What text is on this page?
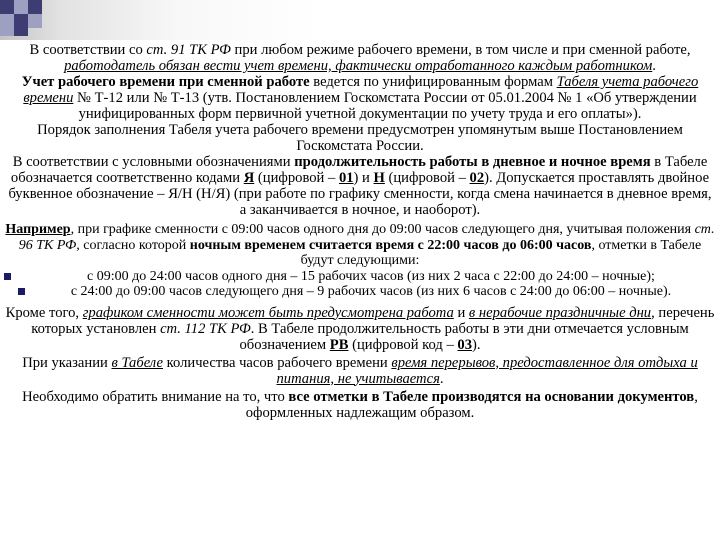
В соответствии со ст. 91 ТК РФ при любом режиме рабочего времени, в том числе и при сменной работе, работодатель обязан вести учет времени, фактически отработанного каждым работником.

Учет рабочего времени при сменной работе ведется по унифицированным формам Табеля учета рабочего времени № Т-12 или № Т-13 (утв. Постановлением Госкомстата России от 05.01.2004 № 1 «Об утверждении унифицированных форм первичной учетной документации по учету труда и его оплаты»).

Порядок заполнения Табеля учета рабочего времени предусмотрен упомянутым выше Постановлением Госкомстата России.

В соответствии с условными обозначениями продолжительность работы в дневное и ночное время в Табеле обозначается соответственно кодами Я (цифровой – 01) и Н (цифровой – 02). Допускается проставлять двойное буквенное обозначение – Я/Н (Н/Я) (при работе по графику сменности, когда смена начинается в дневное время, а заканчивается в ночное, и наоборот).

Например, при графике сменности с 09:00 часов одного дня до 09:00 часов следующего дня, учитывая положения ст. 96 ТК РФ, согласно которой ночным временем считается время с 22:00 часов до 06:00 часов, отметки в Табеле будут следующими:

с 09:00 до 24:00 часов одного дня – 15 рабочих часов (из них 2 часа с 22:00 до 24:00 – ночные);
с 24:00 до 09:00 часов следующего дня – 9 рабочих часов (из них 6 часов с 24:00 до 06:00 – ночные).

Кроме того, графиком сменности может быть предусмотрена работа и в нерабочие праздничные дни, перечень которых установлен ст. 112 ТК РФ. В Табеле продолжительность работы в эти дни отмечается условным обозначением РВ (цифровой код – 03).

При указании в Табеле количества часов рабочего времени время перерывов, предоставленное для отдыха и питания, не учитывается.

Необходимо обратить внимание на то, что все отметки в Табеле производятся на основании документов, оформленных надлежащим образом.
